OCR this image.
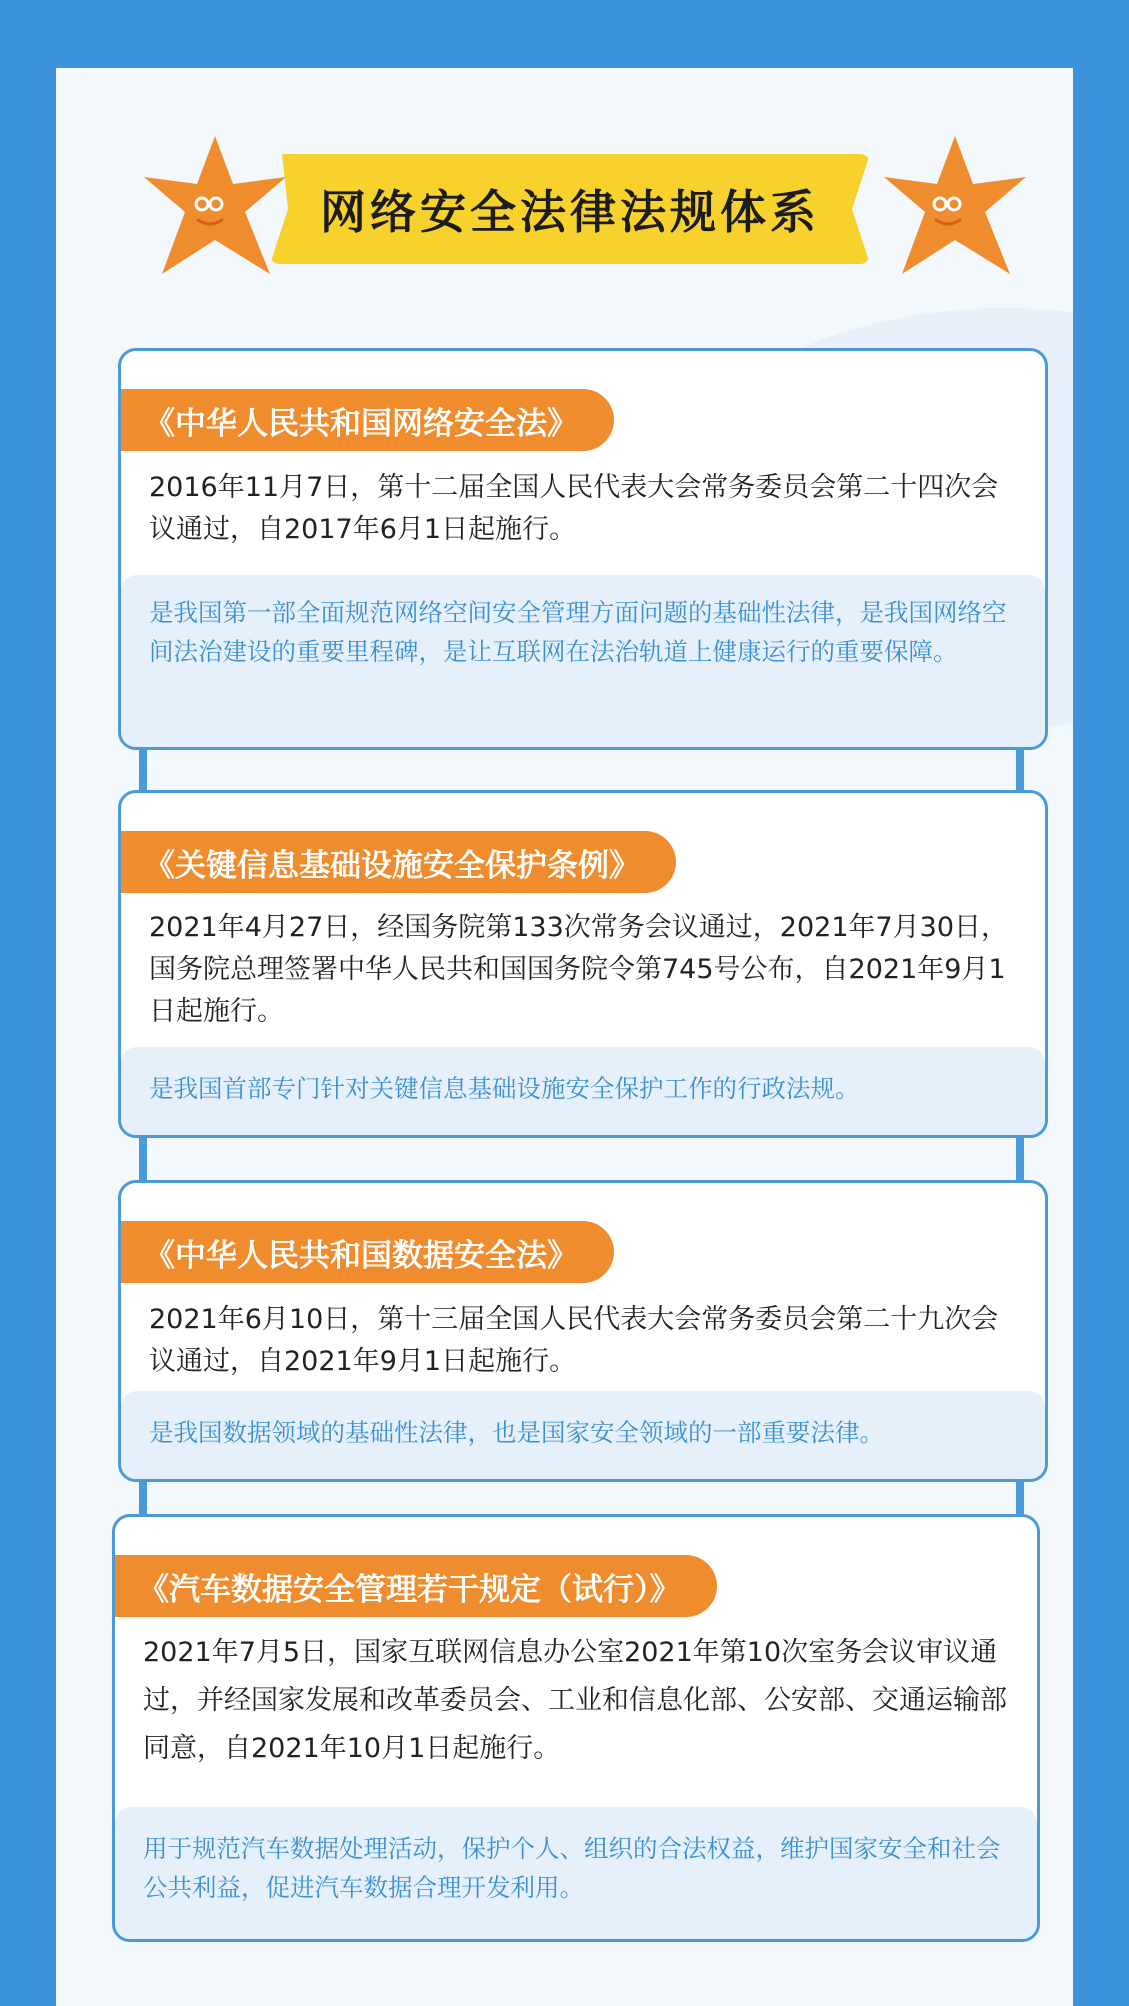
网络安全法律法规体系
《中华人民共和国网络安全法》
2016年11月7日，第十二届全国人民代表大会常务委员会第二十四次会议通过，自2017年6月1日起施行。
是我国第一部全面规范网络空间安全管理方面问题的基础性法律，是我国网络空间法治建设的重要里程碑，是让互联网在法治轨道上健康运行的重要保障。
《关键信息基础设施安全保护条例》
2021年4月27日，经国务院第133次常务会议通过，2021年7月30日，国务院总理签署中华人民共和国国务院令第745号公布，自2021年9月1日起施行。
是我国首部专门针对关键信息基础设施安全保护工作的行政法规。
《中华人民共和国数据安全法》
2021年6月10日，第十三届全国人民代表大会常务委员会第二十九次会议通过，自2021年9月1日起施行。
是我国数据领域的基础性法律，也是国家安全领域的一部重要法律。
《汽车数据安全管理若干规定（试行）》
2021年7月5日，国家互联网信息办公室2021年第10次室务会议审议通过，并经国家发展和改革委员会、工业和信息化部、公安部、交通运输部同意，自2021年10月1日起施行。
用于规范汽车数据处理活动，保护个人、组织的合法权益，维护国家安全和社会公共利益，促进汽车数据合理开发利用。
